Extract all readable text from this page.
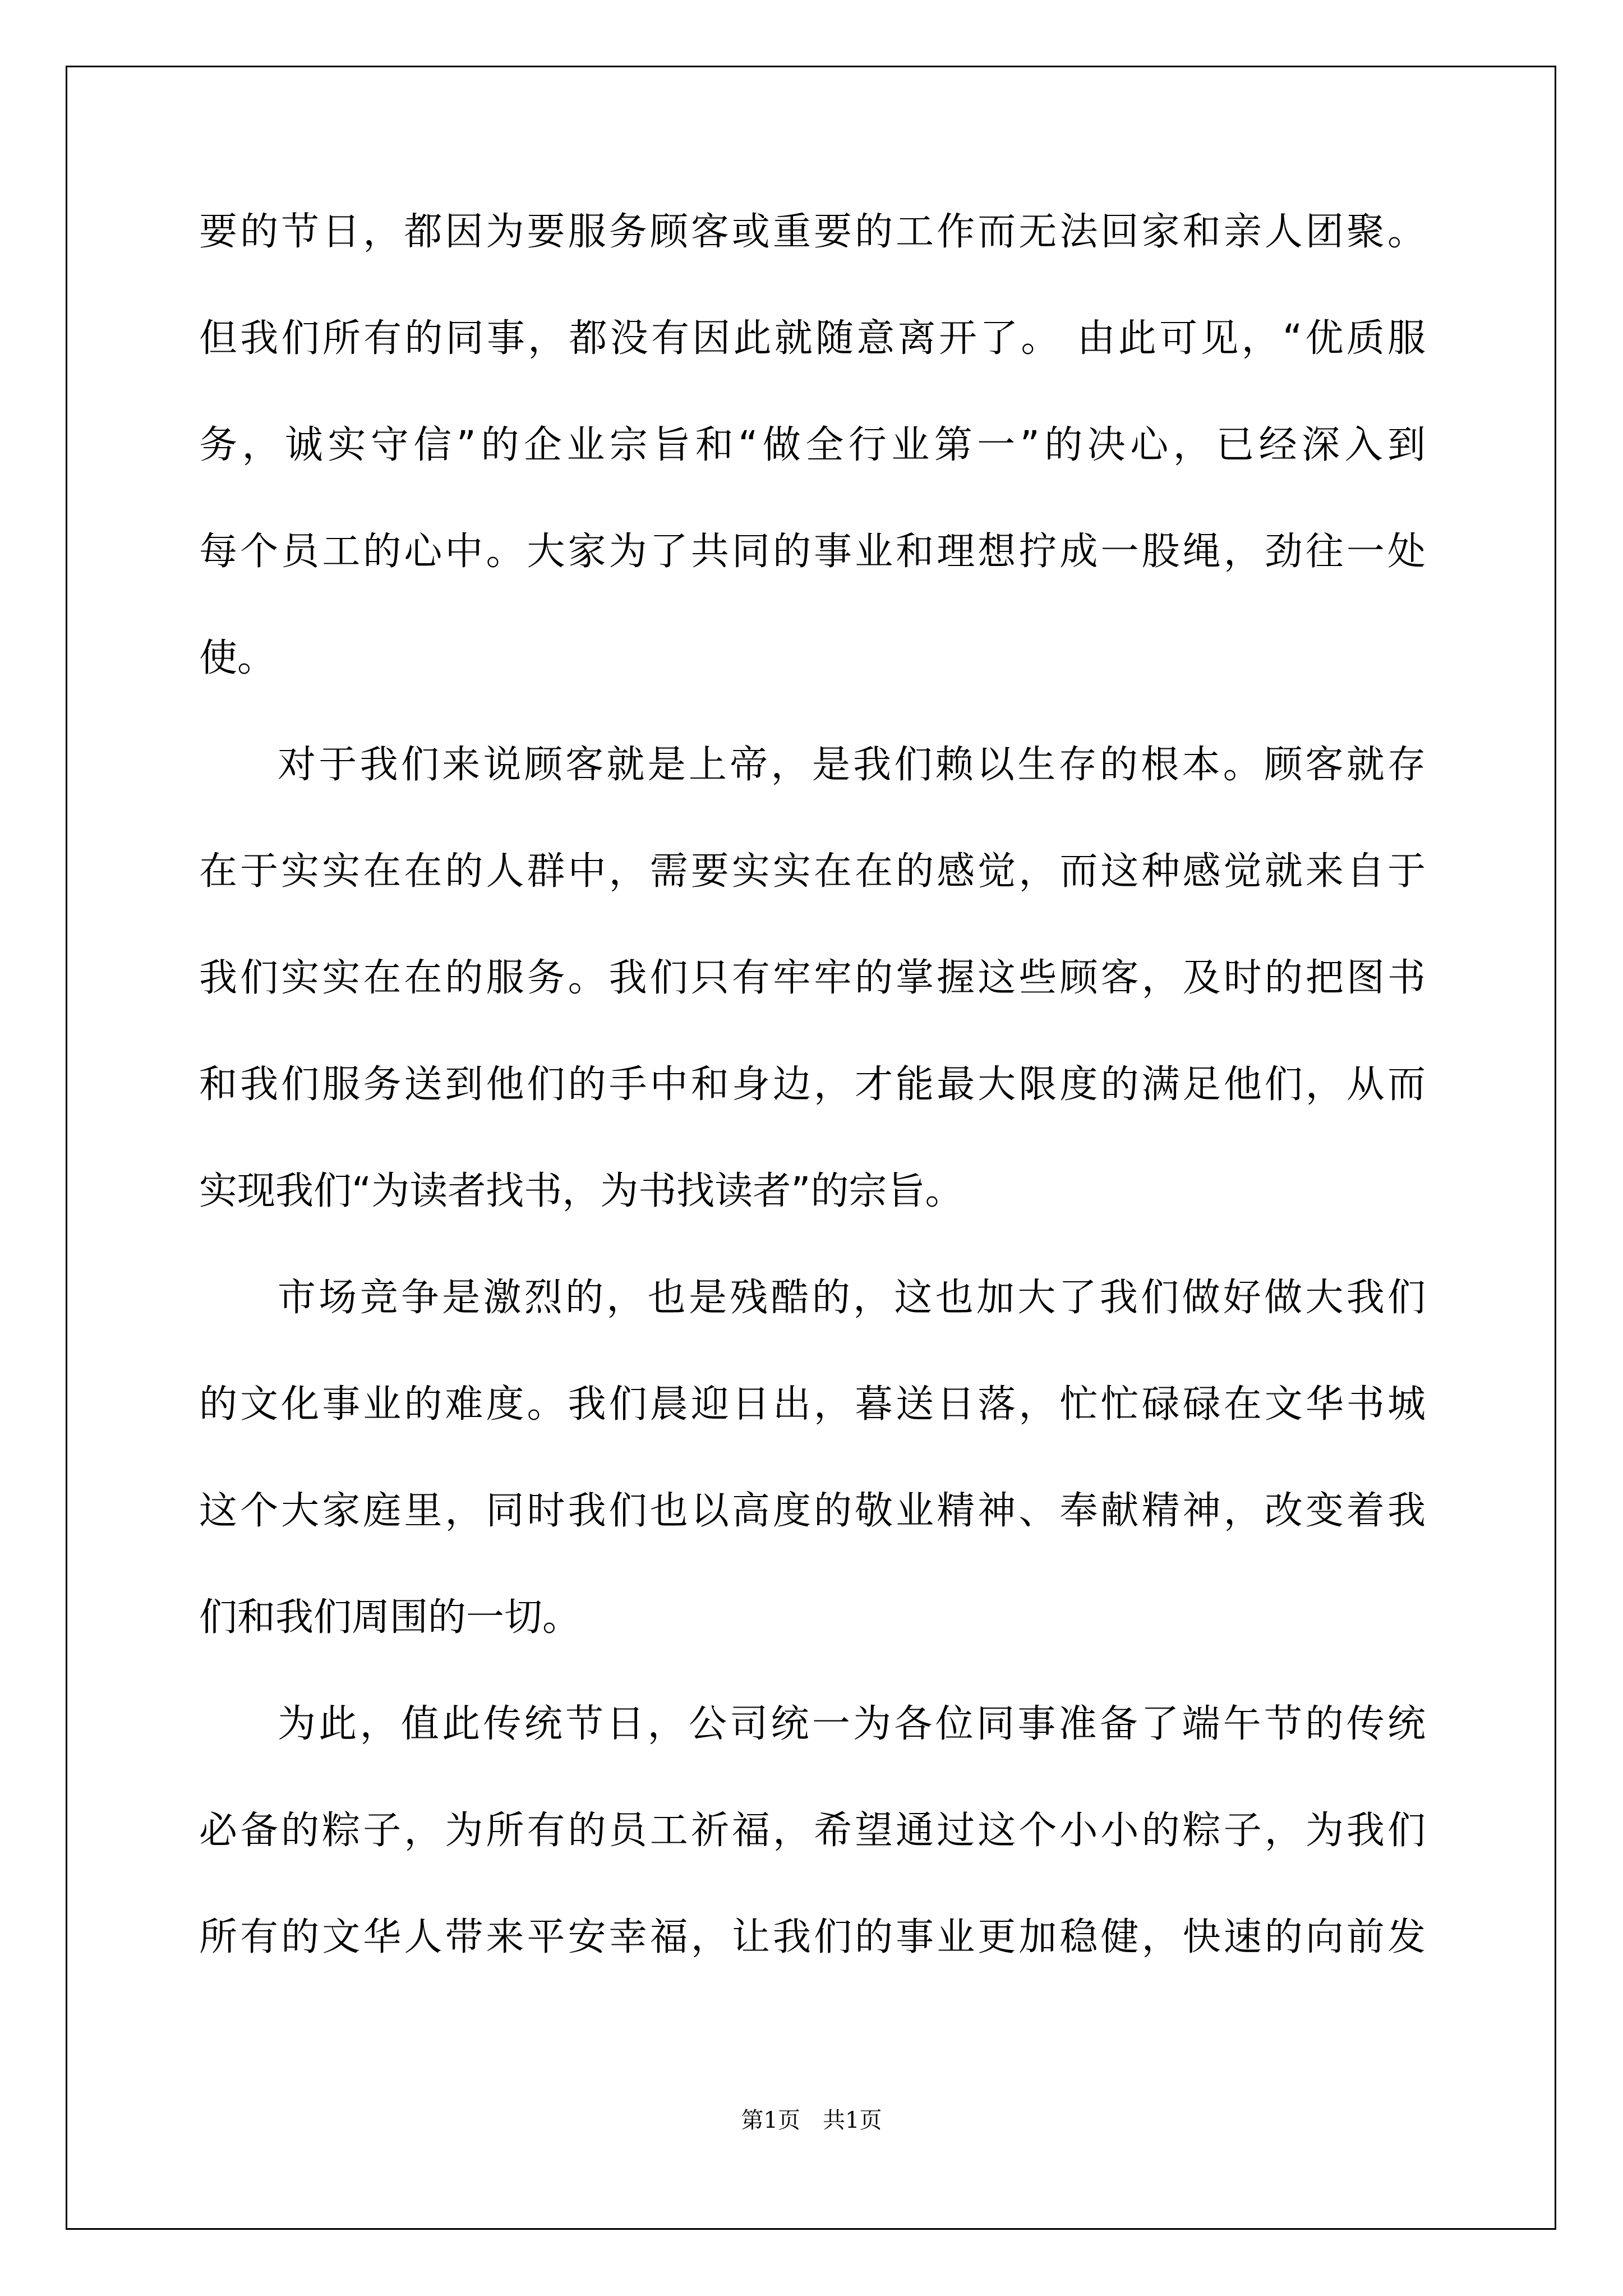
要的节日，都因为要服务顾客或重要的工作而无法回家和亲人团聚。
但我们所有的同事，都没有因此就随意离开了。 由此可见，“优质服
务，诚实守信”的企业宗旨和“做全行业第一”的决心，已经深入到
每个员工的心中。大家为了共同的事业和理想拧成一股绳，劲往一处
使。
对于我们来说顾客就是上帝，是我们赖以生存的根本。顾客就存
在于实实在在的人群中，需要实实在在的感觉，而这种感觉就来自于
我们实实在在的服务。我们只有牢牢的掌握这些顾客，及时的把图书
和我们服务送到他们的手中和身边，才能最大限度的满足他们，从而
实现我们“为读者找书，为书找读者”的宗旨。
市场竞争是激烈的，也是残酷的，这也加大了我们做好做大我们
的文化事业的难度。我们晨迎日出，暮送日落，忙忙碌碌在文华书城
这个大家庭里，同时我们也以高度的敬业精神、奉献精神，改变着我
们和我们周围的一切。
为此，值此传统节日，公司统一为各位同事准备了端午节的传统
必备的粽子，为所有的员工祈福，希望通过这个小小的粽子，为我们
所有的文华人带来平安幸福，让我们的事业更加稳健，快速的向前发
第1页 共1页
